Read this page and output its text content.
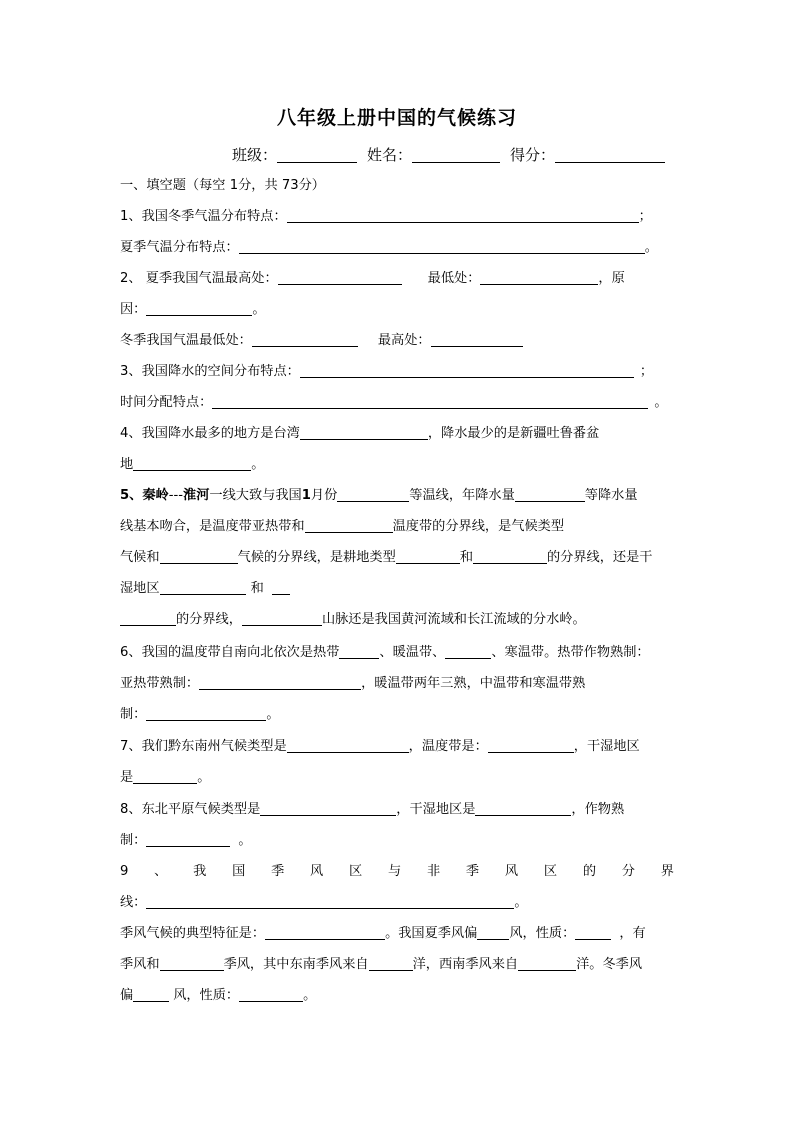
八年级上册中国的气候练习
班级：	姓名：	得分：
一、填空题（每空 1分，共 73分）
1、我国冬季气温分布特点：	；
夏季气温分布特点：	。
2、 夏季我国气温最高处：	最低处：	，原
因：	。
冬季我国气温最低处：	最高处：
3、我国降水的空间分布特点：	；
时间分配特点：	。
4、我国降水最多的地方是台湾	，降水最少的是新疆吐鲁番盆
地	。
5、秦岭---淮河一线大致与我国1月份	等温线，年降水量	等降水量
线基本吻合，是温度带亚热带和	温度带的分界线，是气候类型
气候和	气候的分界线，是耕地类型	和	的分界线，还是干
湿地区	和
的分界线，	山脉还是我国黄河流域和长江流域的分水岭。
6、我国的温度带自南向北依次是热带	、暖温带、	、寒温带。热带作物熟制：
亚热带熟制：	，暖温带两年三熟，中温带和寒温带熟
制：	。
7、我们黔东南州气候类型是	，温度带是：	，干湿地区
是	。
8、东北平原气候类型是	，干湿地区是	，作物熟
制：	。
9 、 我 国 季 风 区 与 非 季 风 区 的 分 界
线：	。
季风气候的典型特征是：	。我国夏季风偏 风，性质：	，有
季风和	季风，其中东南季风来自	洋，西南季风来自	洋。冬季风
偏	风，性质：	。
